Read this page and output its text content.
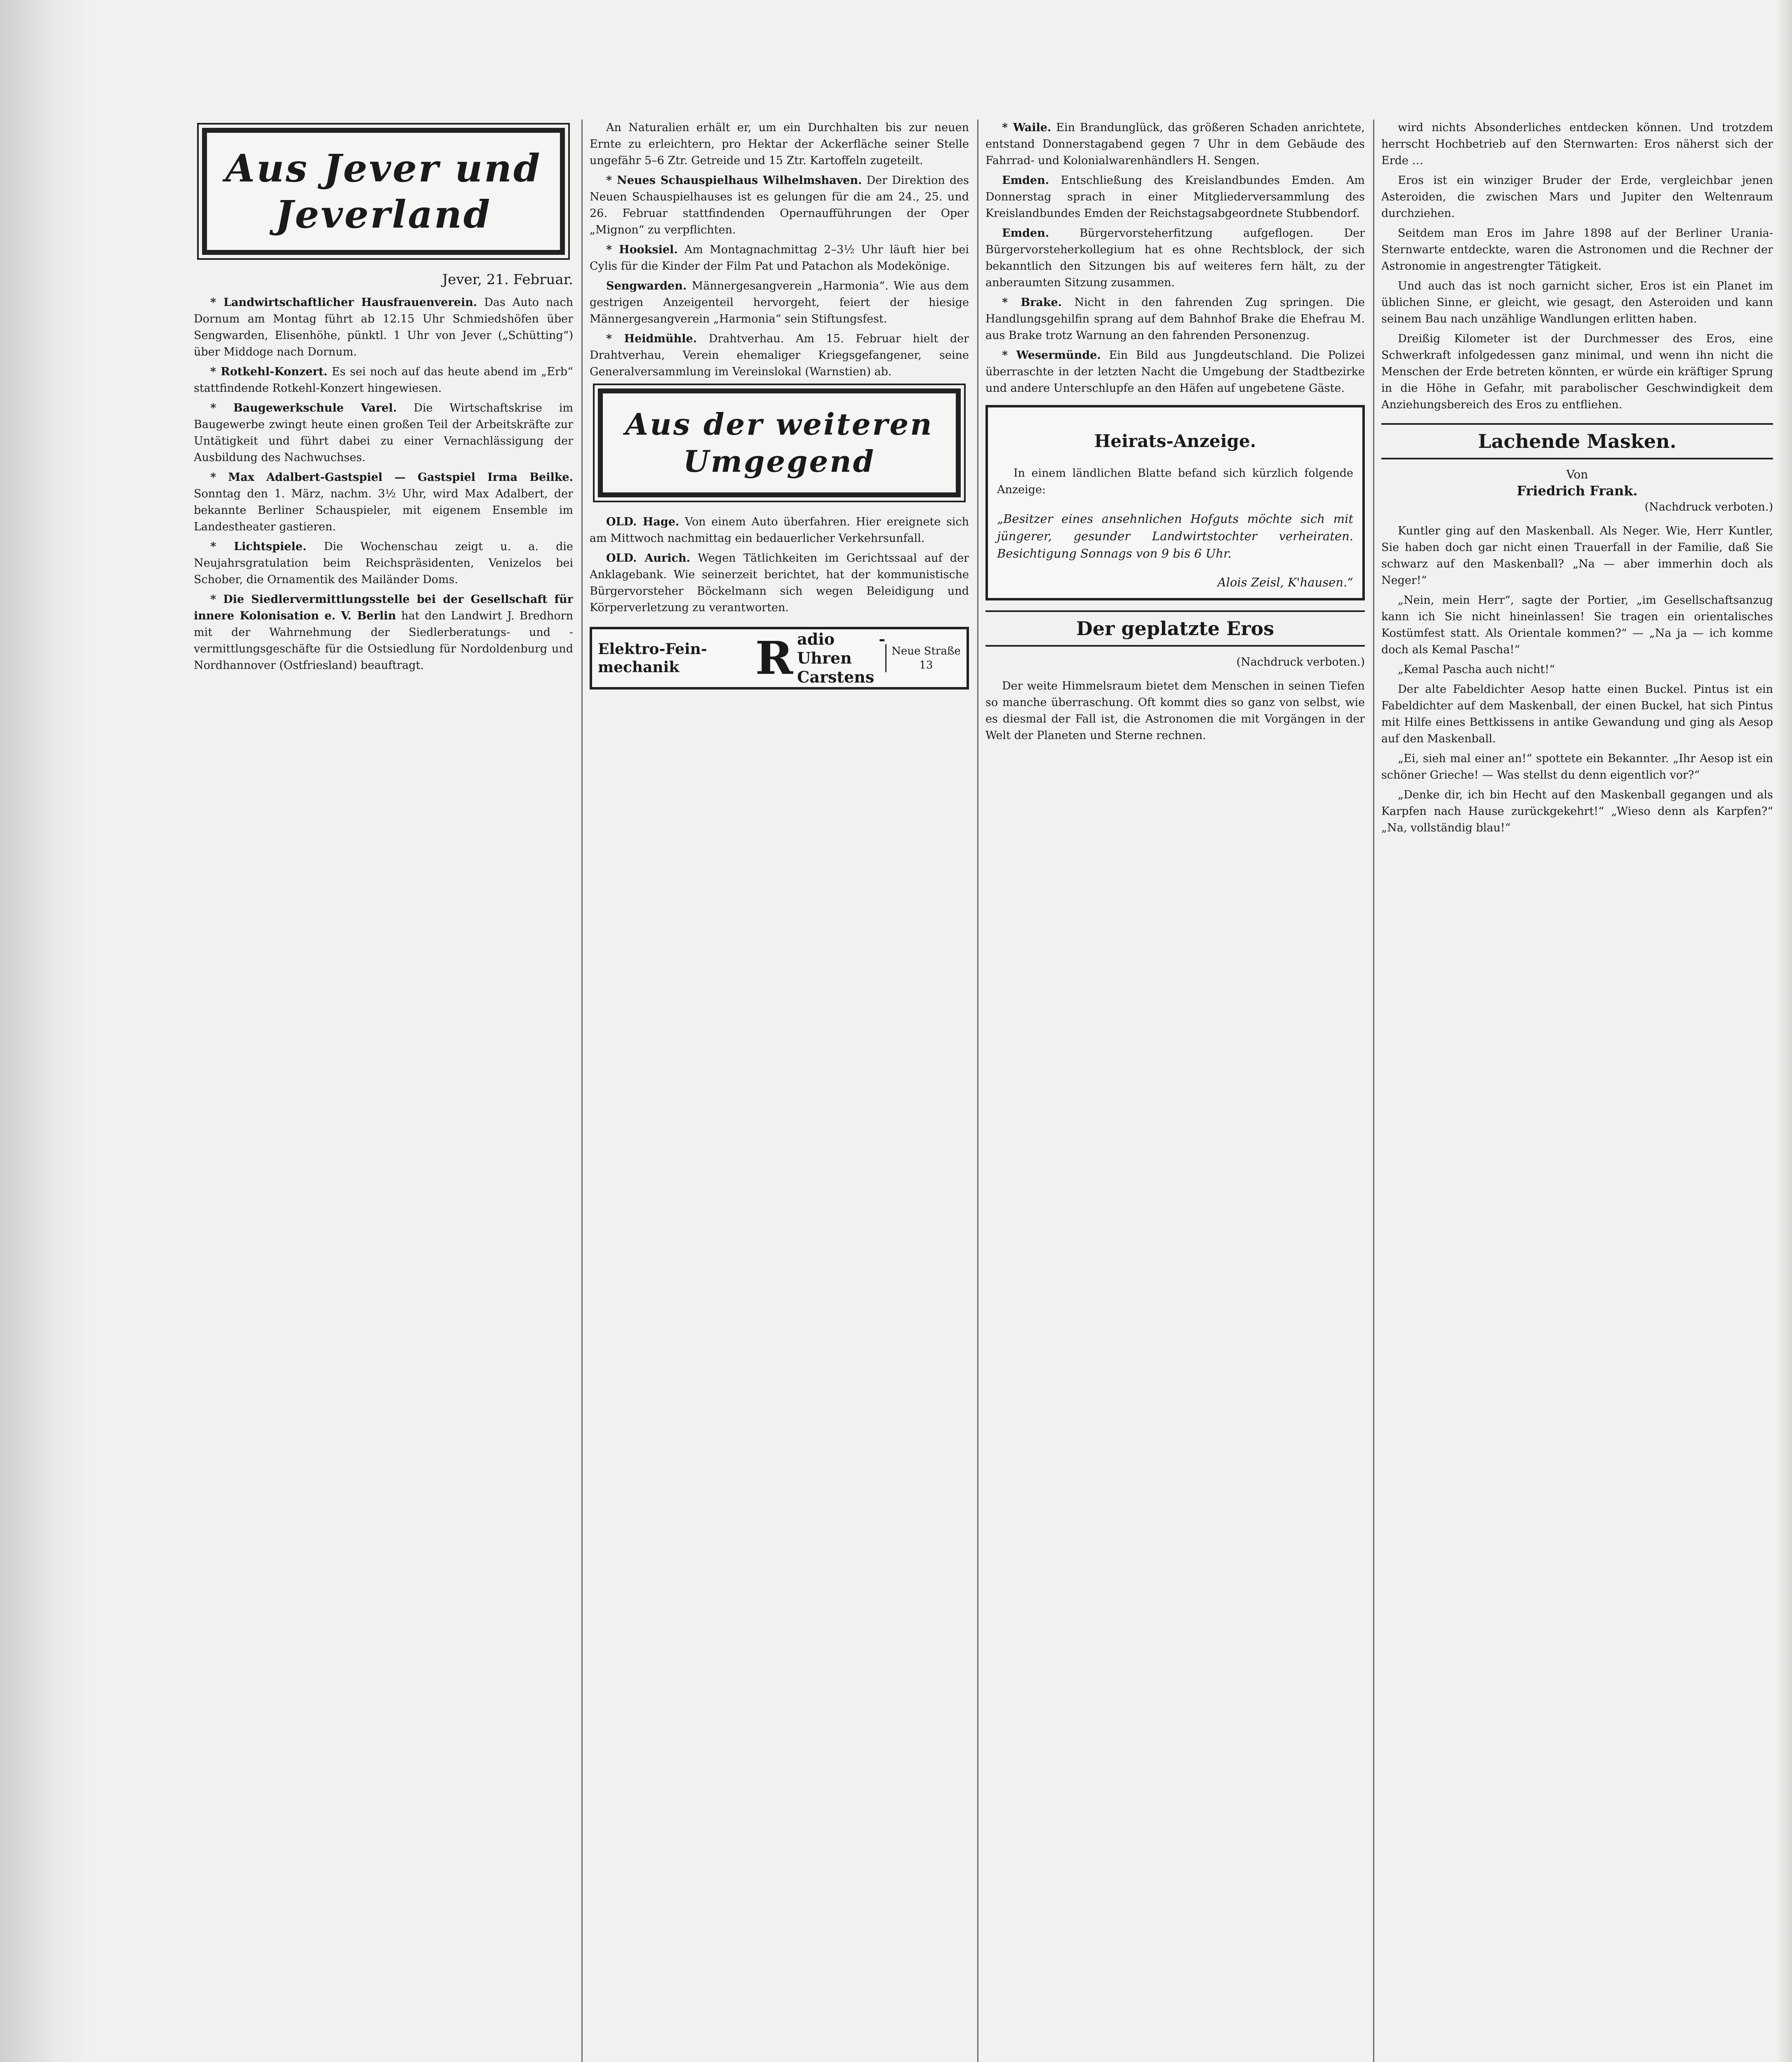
Aus Jever und Jeverland
Jever, 21. Februar.

* Landwirtschaftlicher Hausfrauenverein. Das Auto nach Dornum am Montag führt ab 12.15 Uhr Schmiedshöfen über Sengwarden, Elisenhöhe, pünktl. 1 Uhr von Jever („Schütting“) über Middoge nach Dornum.

* Rotkehl-Konzert. Es sei noch auf das heute abend im „Erb“ stattfindende Rotkehl-Konzert hingewiesen.

* Baugewerkschule Varel. Die Wirtschaftskrise im Baugewerbe zwingt heute einen großen Teil der Arbeitskräfte zur Untätigkeit und führt dabei zu einer Vernachlässigung der Ausbildung des Nachwuchses.

* Max Adalbert-Gastspiel — Gastspiel Irma Beilke. Sonntag den 1. März, nachm. 3½ Uhr, wird Max Adalbert, der bekannte Berliner Schauspieler, mit eigenem Ensemble im Landestheater gastieren.

* Lichtspiele. Die Wochenschau zeigt u. a. die Neujahrsgratulation beim Reichspräsidenten, Venizelos bei Schober, die Ornamentik des Mailänder Doms.

* Die Siedlervermittlungsstelle bei der Gesellschaft für innere Kolonisation e. V. Berlin hat den Landwirt J. Bredhorn mit der Wahrnehmung der Siedlerberatungs- und -vermittlungsgeschäfte für die Ostsiedlung für Nordoldenburg und Nordhannover (Ostfriesland) beauftragt.

An Naturalien erhält er, um ein Durchhalten bis zur neuen Ernte zu erleichtern, pro Hektar der Ackerfläche seiner Stelle ungefähr 5–6 Ztr. Getreide und 15 Ztr. Kartoffeln zugeteilt.

* Neues Schauspielhaus Wilhelmshaven. Der Direktion des Neuen Schauspielhauses ist es gelungen für die am 24., 25. und 26. Februar stattfindenden Opernaufführungen der Oper „Mignon“ zu verpflichten.

* Hooksiel. Am Montagnachmittag 2–3½ Uhr läuft hier bei Cylis für die Kinder der Film Pat und Patachon als Modekönige.

Sengwarden. Männergesangverein „Harmonia“. Wie aus dem gestrigen Anzeigenteil hervorgeht, feiert der hiesige Männergesangverein „Harmonia“ sein Stiftungsfest.

* Heidmühle. Drahtverhau. Am 15. Februar hielt der Drahtverhau, Verein ehemaliger Kriegsgefangener, seine Generalversammlung im Vereinslokal (Warnstien) ab.

Aus der weiteren Umgegend

OLD. Hage. Von einem Auto überfahren. Hier ereignete sich am Mittwoch nachmittag ein bedauerlicher Verkehrsunfall.

OLD. Aurich. Wegen Tätlichkeiten im Gerichtssaal auf der Anklagebank. Wie seinerzeit berichtet, hat der kommunistische Bürgervorsteher Böckelmann sich wegen Beleidigung und Körperverletzung zu verantworten.

Elektro-Fein-mechanik	R adio - Uhren
Carstens
Neue Straße 13

* Waile. Ein Brandunglück, das größeren Schaden anrichtete, entstand Donnerstagabend gegen 7 Uhr in dem Gebäude des Fahrrad- und Kolonialwarenhändlers H. Sengen.

Emden. Entschließung des Kreislandbundes Emden. Am Donnerstag sprach in einer Mitgliederversammlung des Kreislandbundes Emden der Reichstagsabgeordnete Stubbendorf.

Emden.	Bürgervorsteherfitzung aufgeflogen. Der Bürgervorsteherkollegium hat es ohne Rechtsblock, der sich bekanntlich den Sitzungen bis auf weiteres fern hält, zu der anberaumten Sitzung zusammen.

* Brake. Nicht in den fahrenden Zug springen. Die Handlungsgehilfin sprang auf dem Bahnhof Brake die Ehefrau M. aus Brake trotz Warnung an den fahrenden Personenzug.

* Wesermünde. Ein Bild aus Jungdeutschland. Die Polizei überraschte in der letzten Nacht die Umgebung der Stadtbezirke und andere Unterschlupfe an den Häfen auf ungebetene Gäste.

Heirats-Anzeige.

In einem ländlichen Blatte befand sich kürzlich folgende Anzeige:

„Besitzer eines ansehnlichen Hofguts möchte sich mit jüngerer, gesunder Landwirtstochter verheiraten. Besichtigung Sonnags von 9 bis 6 Uhr.

Alois Zeisl, K'hausen.“
Der geplatzte Eros
(Nachdruck verboten.)

Der weite Himmelsraum bietet dem Menschen in seinen Tiefen so manche überraschung. Oft kommt dies so ganz von selbst, wie es diesmal der Fall ist, die Astronomen die mit Vorgängen in der Welt der Planeten und Sterne rechnen.

wird nichts Absonderliches entdecken können. Und trotzdem herrscht Hochbetrieb auf den Sternwarten: Eros näherst sich der Erde …

Eros ist ein winziger Bruder der Erde, vergleichbar jenen Asteroiden, die zwischen Mars und Jupiter den Weltenraum durchziehen.

Seitdem man Eros im Jahre 1898 auf der Berliner Urania-Sternwarte entdeckte, waren die Astronomen und die Rechner der Astronomie in angestrengter Tätigkeit.

Und auch das ist noch garnicht sicher, Eros ist ein Planet im üblichen Sinne, er gleicht, wie gesagt, den Asteroiden und kann seinem Bau nach unzählige Wandlungen erlitten haben.

Dreißig Kilometer ist der Durchmesser des Eros, eine Schwerkraft infolgedessen ganz minimal, und wenn ihn nicht die Menschen der Erde betreten könnten, er würde ein kräftiger Sprung in die Höhe in Gefahr, mit parabolischer Geschwindigkeit dem Anziehungsbereich des Eros zu entfliehen.

Lachende Masken.
Von
Friedrich Frank.
(Nachdruck verboten.)

Kuntler ging auf den Maskenball. Als Neger. Wie, Herr Kuntler, Sie haben doch gar nicht einen Trauerfall in der Familie, daß Sie schwarz auf den Maskenball? „Na — aber immerhin doch als Neger!“

„Nein, mein Herr“, sagte der Portier, „im Gesellschaftsanzug kann ich Sie nicht hineinlassen! Sie tragen ein orientalisches Kostümfest statt. Als Orientale kommen?“ — „Na ja — ich komme doch als Kemal Pascha!“

„Kemal Pascha auch nicht!“

Der alte Fabeldichter Aesop hatte einen Buckel. Pintus ist ein Fabeldichter auf dem Maskenball, der einen Buckel, hat sich Pintus mit Hilfe eines Bettkissens in antike Gewandung und ging als Aesop auf den Maskenball.

„Ei, sieh mal einer an!“ spottete ein Bekannter. „Ihr Aesop ist ein schöner Grieche! — Was stellst du denn eigentlich vor?“

„Denke dir, ich bin Hecht auf den Maskenball gegangen und als Karpfen nach Hause zurückgekehrt!“ „Wieso denn als Karpfen?“ „Na, vollständig blau!“
